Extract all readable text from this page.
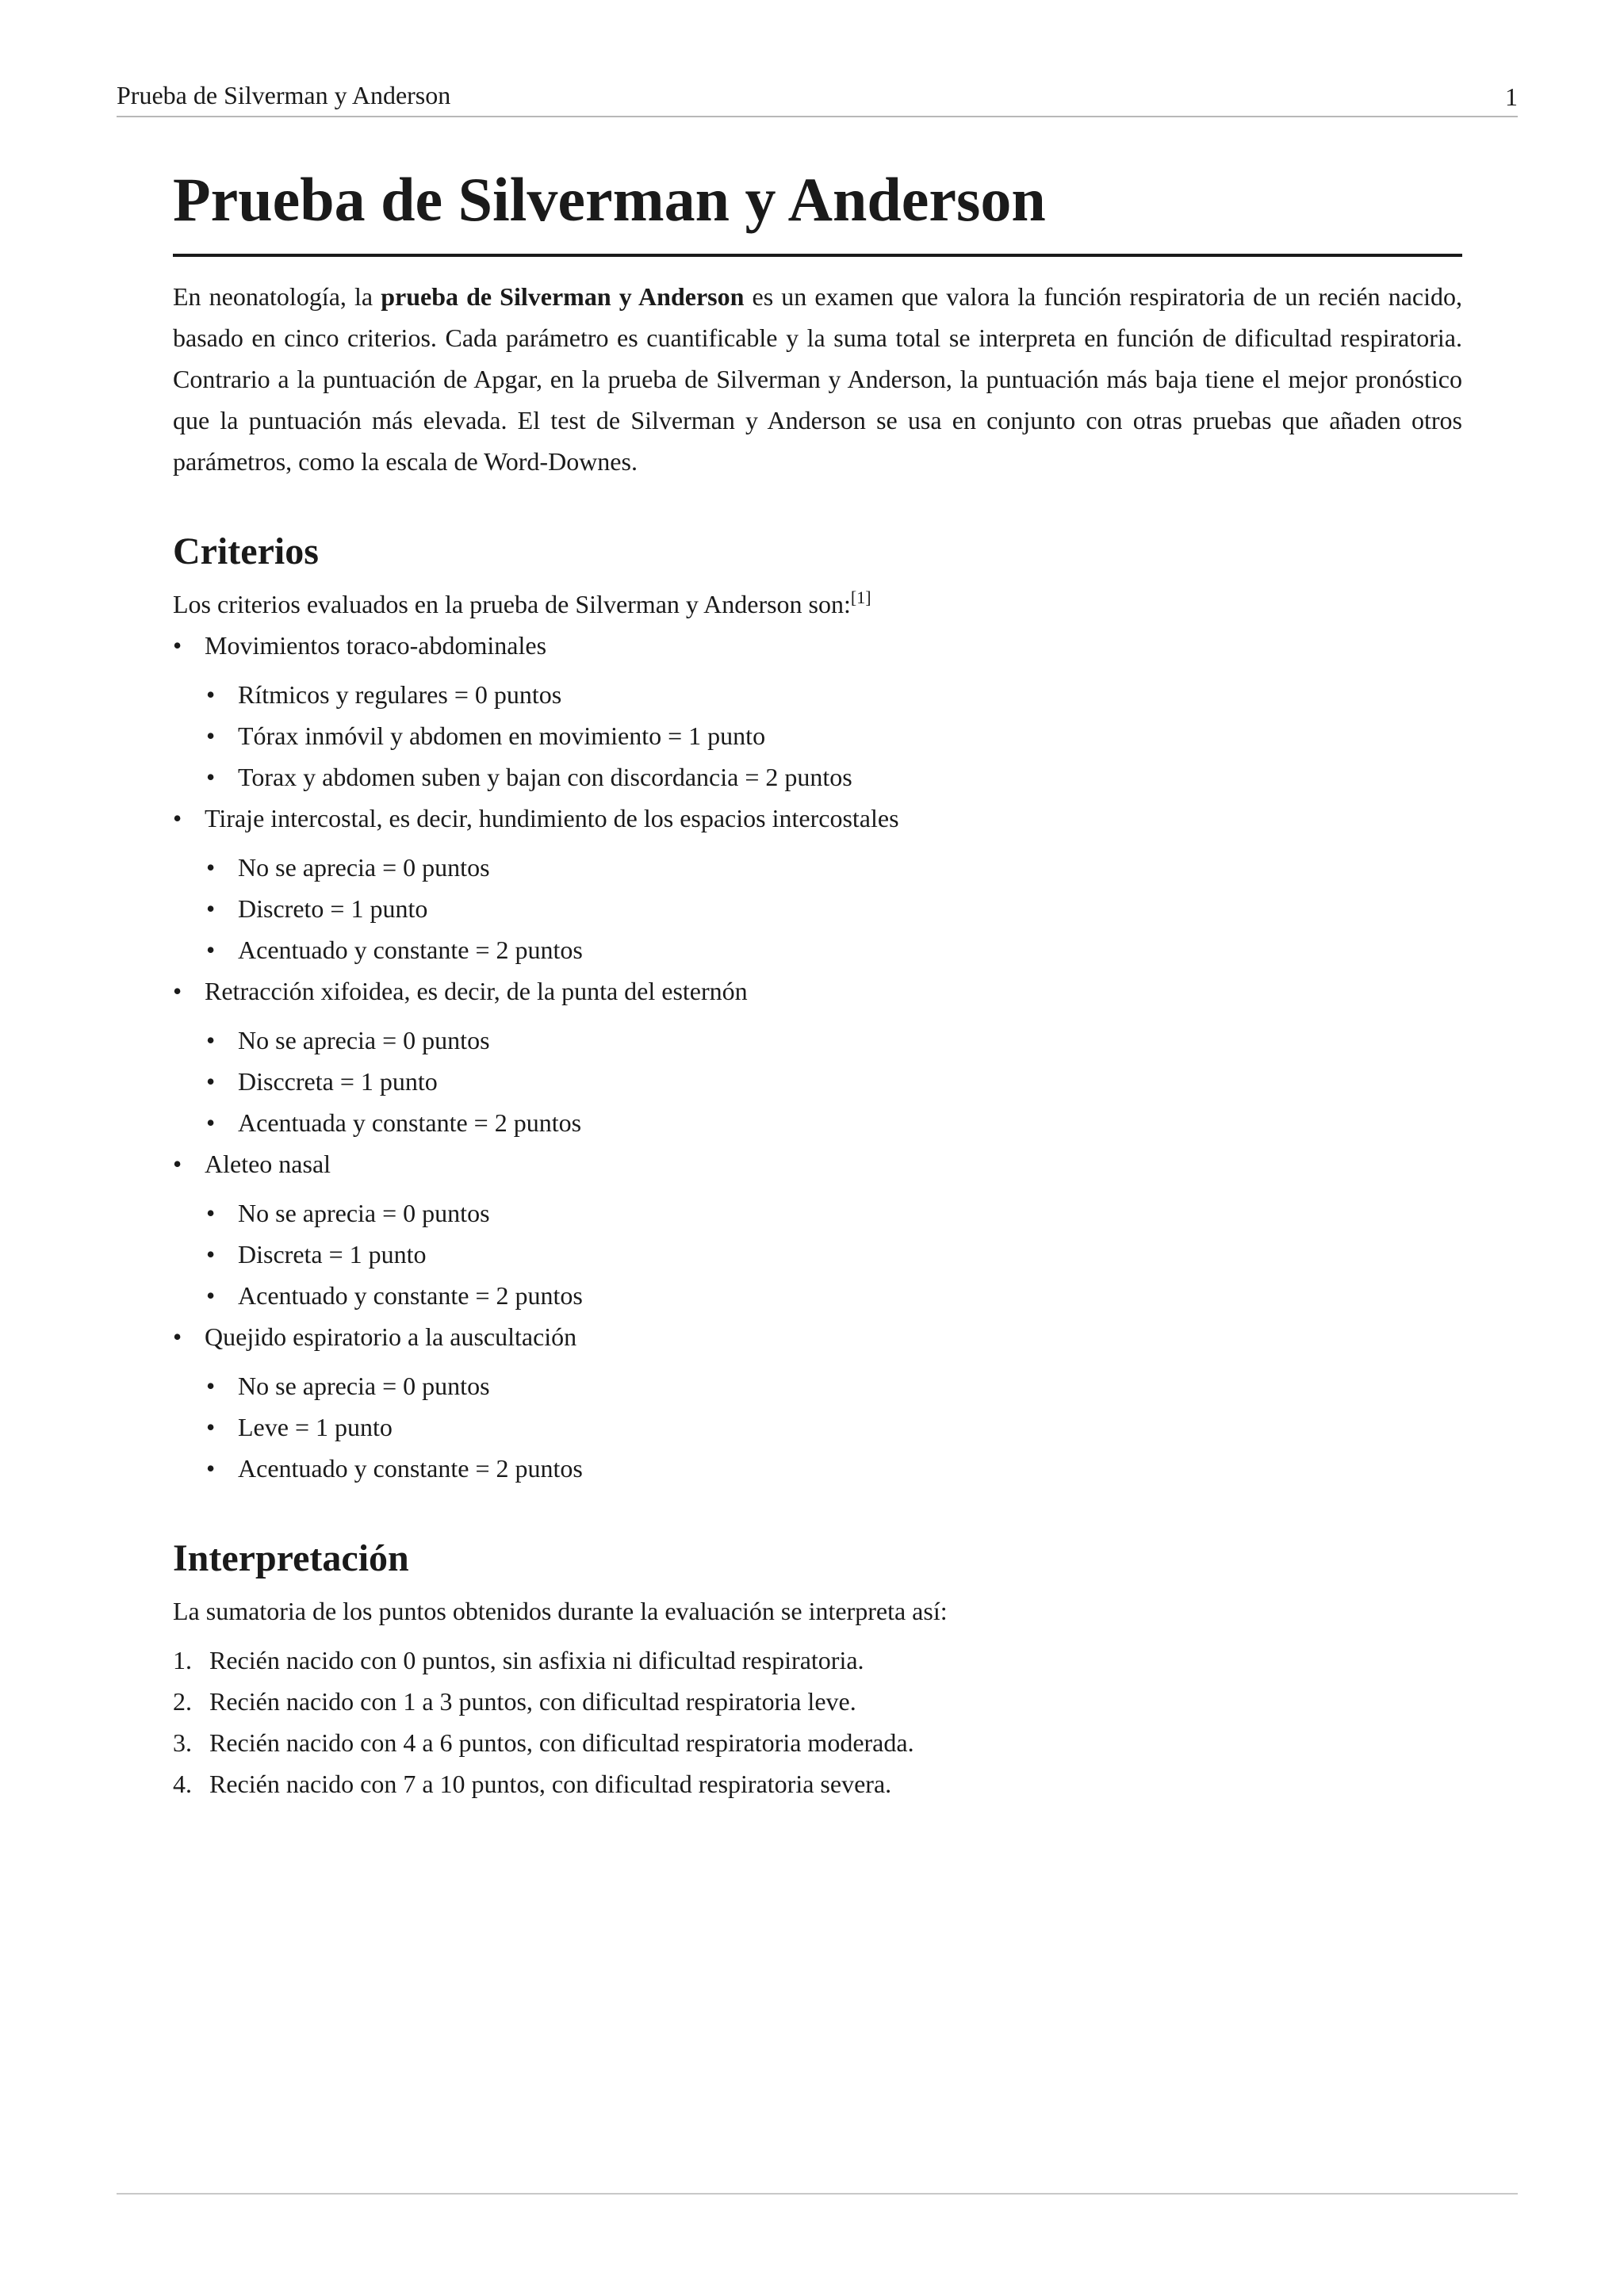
Prueba de Silverman y Anderson	1
Prueba de Silverman y Anderson

En neonatología, la prueba de Silverman y Anderson es un examen que valora la función respiratoria de un recién nacido, basado en cinco criterios. Cada parámetro es cuantificable y la suma total se interpreta en función de dificultad respiratoria. Contrario a la puntuación de Apgar, en la prueba de Silverman y Anderson, la puntuación más baja tiene el mejor pronóstico que la puntuación más elevada. El test de Silverman y Anderson se usa en conjunto con otras pruebas que añaden otros parámetros, como la escala de Word-Downes.

Criterios

Los criterios evaluados en la prueba de Silverman y Anderson son:[1]

• Movimientos toraco-abdominales
• Rítmicos y regulares = 0 puntos
• Tórax inmóvil y abdomen en movimiento = 1 punto
• Torax y abdomen suben y bajan con discordancia = 2 puntos
• Tiraje intercostal, es decir, hundimiento de los espacios intercostales
• No se aprecia = 0 puntos
• Discreto = 1 punto
• Acentuado y constante = 2 puntos
• Retracción xifoidea, es decir, de la punta del esternón
• No se aprecia = 0 puntos
• Disccreta = 1 punto
• Acentuada y constante = 2 puntos
• Aleteo nasal
• No se aprecia = 0 puntos
• Discreta = 1 punto
• Acentuado y constante = 2 puntos
• Quejido espiratorio a la auscultación
• No se aprecia = 0 puntos
• Leve = 1 punto
• Acentuado y constante = 2 puntos
Interpretación

La sumatoria de los puntos obtenidos durante la evaluación se interpreta así:

1. Recién nacido con 0 puntos, sin asfixia ni dificultad respiratoria.
2. Recién nacido con 1 a 3 puntos, con dificultad respiratoria leve.
3. Recién nacido con 4 a 6 puntos, con dificultad respiratoria moderada.
4. Recién nacido con 7 a 10 puntos, con dificultad respiratoria severa.
